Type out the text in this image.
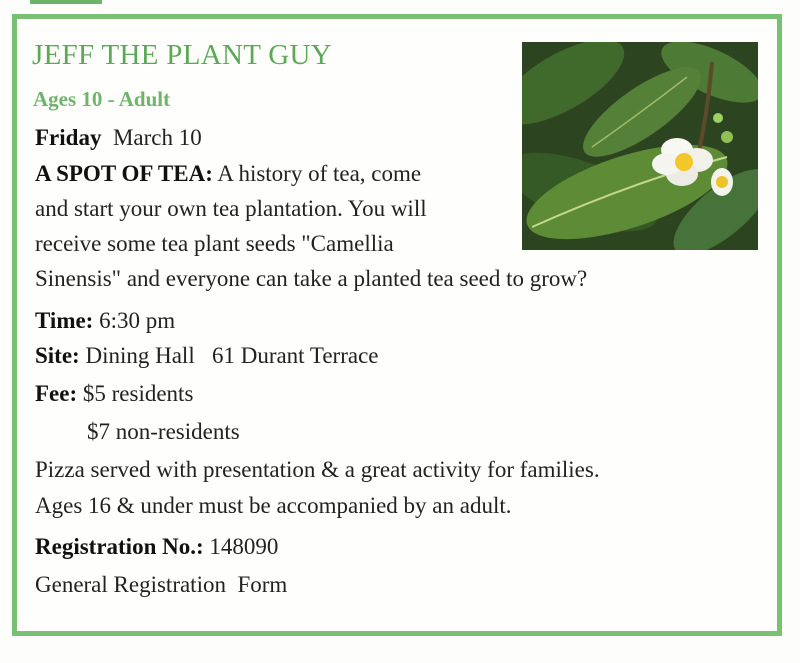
JEFF THE PLANT GUY
Ages 10 - Adult
Friday March 10
A SPOT OF TEA: A history of tea, come
and start your own tea plantation. You will
receive some tea plant seeds "Camellia
Sinensis" and everyone can take a planted tea seed to grow?
Time: 6:30 pm
Site: Dining Hall   61 Durant Terrace
Fee: $5 residents
$7 non-residents
Pizza served with presentation & a great activity for families.
Ages 16 & under must be accompanied by an adult.
Registration No.: 148090
General Registration  Form
